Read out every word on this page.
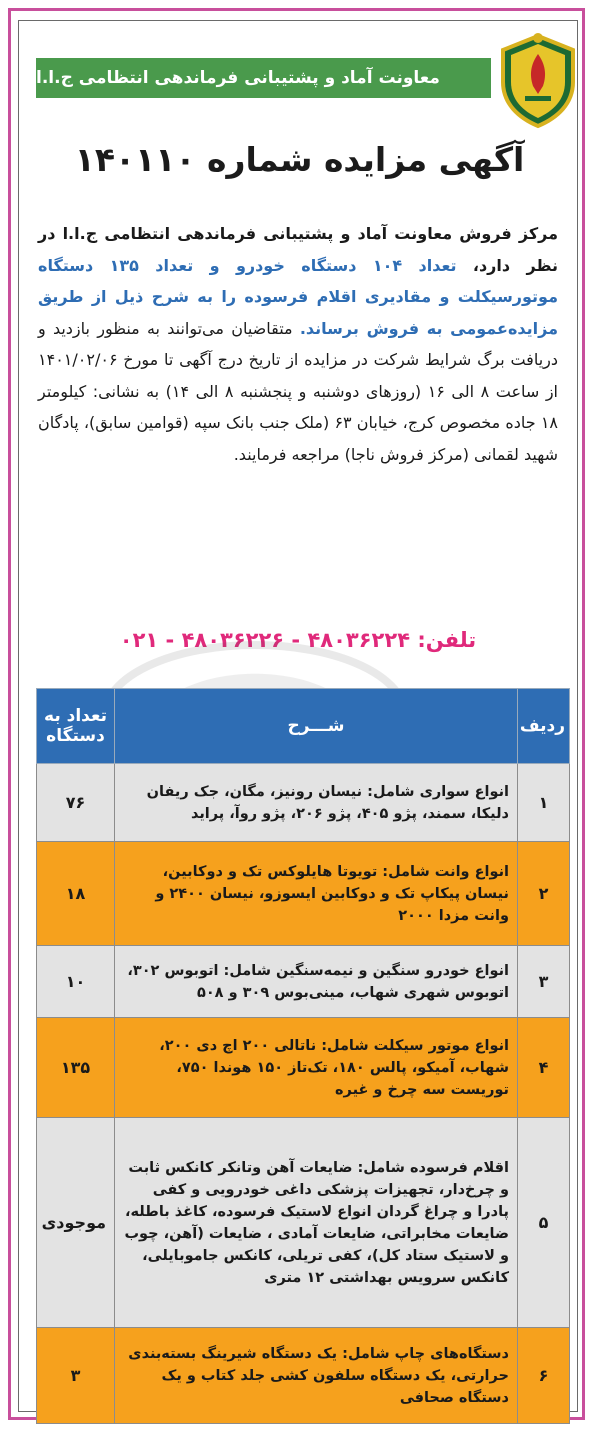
معاونت آماد و پشتیبانی فرماندهی انتظامی ج.ا.ا
آگهی مزایده شماره ۱۴۰۱۱۰
مرکز فروش معاونت آماد و پشتیبانی فرماندهی انتظامی ج.ا.ا در نظر دارد، تعداد ۱۰۴ دستگاه خودرو و تعداد ۱۳۵ دستگاه موتورسیکلت و مقادیری اقلام فرسوده را به شرح ذیل از طریق مزایده‌عمومی به فروش برساند. متقاضیان می‌توانند به منظور بازدید و دریافت برگ شرایط شرکت در مزایده از تاریخ درج آگهی تا مورخ ۱۴۰۱/۰۲/۰۶ از ساعت ۸ الی ۱۶ (روزهای دوشنبه و پنجشنبه ۸ الی ۱۴) به نشانی: کیلومتر ۱۸ جاده مخصوص کرج، خیابان ۶۳ (ملک جنب بانک سپه (قوامین سابق)، پادگان شهید لقمانی (مرکز فروش ناجا) مراجعه فرمایند.
تلفن: ۴۸۰۳۶۲۲۴ - ۴۸۰۳۶۲۲۶ - ۰۲۱
ردیف	شـــرح	تعداد به دستگاه
۱	انواع سواری شامل: نیسان رونیز، مگان، جک ریفان دلیکا، سمند، پژو ۴۰۵، پژو ۲۰۶، پژو روآ، پراید	۷۶
۲	انواع وانت شامل: تویوتا هایلوکس تک و دوکابین، نیسان پیکاپ تک و دوکابین ایسوزو، نیسان ۲۴۰۰ و وانت مزدا ۲۰۰۰	۱۸
۳	انواع خودرو سنگین و نیمه‌سنگین شامل: اتوبوس ۳۰۲، اتوبوس شهری شهاب، مینی‌بوس ۳۰۹ و ۵۰۸	۱۰
۴	انواع موتور سیکلت شامل: ناتالی ۲۰۰ اچ دی ۲۰۰، شهاب، آمیکو، پالس ۱۸۰، تک‌تاز ۱۵۰ هوندا ۷۵۰، توریست سه چرخ و غیره	۱۳۵
۵	اقلام فرسوده شامل: ضایعات آهن وتانکر کانکس ثابت و چرخ‌دار، تجهیزات پزشکی داغی خودرویی و کفی پادرا و چراغ گردان انواع لاستیک فرسوده، کاغذ باطله، ضایعات مخابراتی، ضایعات آمادی ، ضایعات (آهن، چوب و لاستیک ستاد کل)، کفی تریلی، کانکس جاموبایلی، کانکس سرویس بهداشتی ۱۲ متری	موجودی
۶	دستگاه‌های چاپ شامل: یک دستگاه شیرینگ بسته‌بندی حرارتی، یک دستگاه سلفون کشی جلد کتاب و یک دستگاه صحافی	۳
